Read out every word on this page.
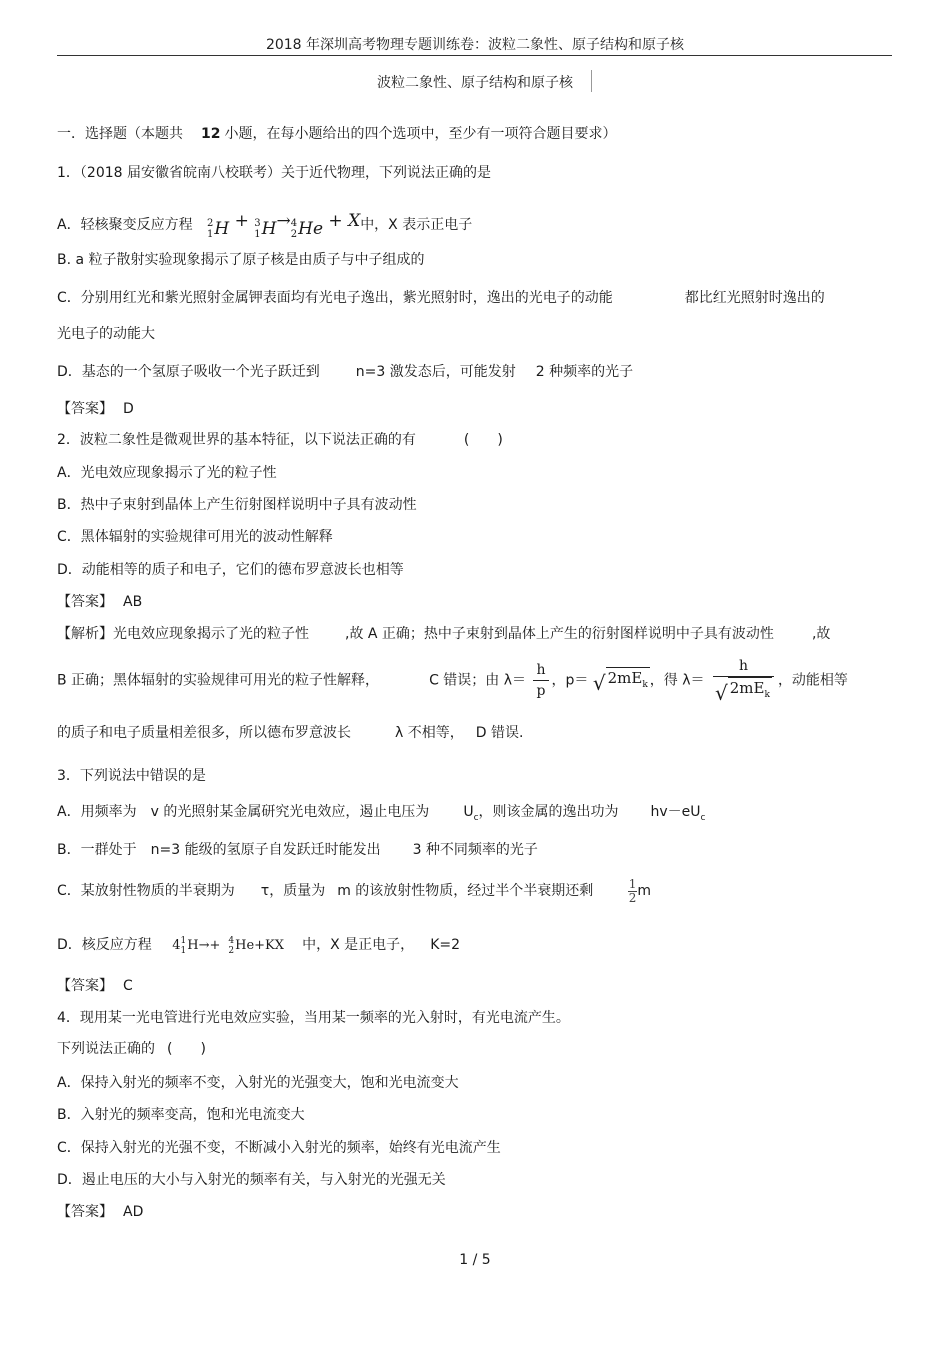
2018 年深圳高考物理专题训练卷：波粒二象性、原子结构和原子核
波粒二象性、原子结构和原子核
一．选择题（本题共 12 小题，在每小题给出的四个选项中，至少有一项符合题目要求）
1．（2018 届安徽省皖南八校联考）关于近代物理，下列说法正确的是
A．轻核聚变反应方程 2
1 H + 3
1 H → 4
2 He + X中，X 表示正电子
B. a 粒子散射实验现象揭示了原子核是由质子与中子组成的
C．分别用红光和紫光照射金属钾表面均有光电子逸出，紫光照射时，逸出的光电子的动能	都比红光照射时逸出的
光电子的动能大
D．基态的一个氢原子吸收一个光子跃迁到	n=3 激发态后，可能发射 2 种频率的光子
【答案】 D
2．波粒二象性是微观世界的基本特征，以下说法正确的有	(　　)
A．光电效应现象揭示了光的粒子性
B．热中子束射到晶体上产生衍射图样说明中子具有波动性
C．黑体辐射的实验规律可用光的波动性解释
D．动能相等的质子和电子，它们的德布罗意波长也相等
【答案】 AB
【解析】光电效应现象揭示了光的粒子性	,故 A 正确；热中子束射到晶体上产生的衍射图样说明中子具有波动性	,故
B 正确；黑体辐射的实验规律可用光的粒子性解释，	C 错误；由 $\lambda= \frac{h}{p}$ ，p＝ √ $2mE_k$ ，得 $\lambda= \frac{h}{√ 2mE_k}$ ，动能相等
的质子和电子质量相差很多，所以德布罗意波长	λ 不相等， D 错误.
3．下列说法中错误的是
A．用频率为 v 的光照射某金属研究光电效应，遏止电压为 $U_c$，则该金属的逸出功为 $hv-eU_c$
B．一群处于 n=3 能级的氢原子自发跃迁时能发出 3 种不同频率的光子
C．某放射性物质的半衰期为 τ，质量为 m 的该放射性物质，经过半个半衰期还剩	$\frac{1}{2}$ m
D．核反应方程 4 1
1 H→+ 4
2 He+KX 中，X 是正电子， K=2
【答案】 C
4．现用某一光电管进行光电效应实验，当用某一频率的光入射时，有光电流产生。
下列说法正确的 (　　)
A．保持入射光的频率不变，入射光的光强变大，饱和光电流变大
B．入射光的频率变高，饱和光电流变大
C．保持入射光的光强不变，不断减小入射光的频率，始终有光电流产生
D．遏止电压的大小与入射光的频率有关，与入射光的光强无关
【答案】 AD
1 / 5
